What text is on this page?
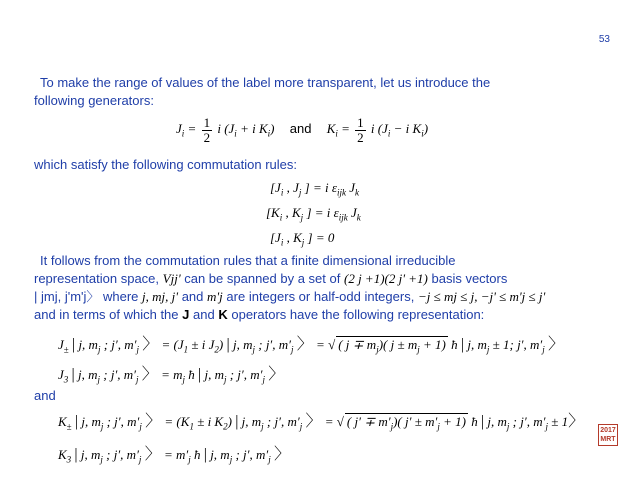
53
To make the range of values of the label more transparent, let us introduce the
following generators:
$J_i = \frac{1}{2}$ i ($J_i + i$ $K_i$) and $K_i = \frac{1}{2}$ i ($J_i - i$ $K_i$)
which satisfy the following commutation rules:
[$J_i$ , $J_j$ ] = i $\varepsilon_{ijk}$ $J_k$
[$K_i$ , $K_j$ ] = i $\varepsilon_{ijk}$ $J_k$
[$J_i$ , $K_j$ ] = 0
It follows from the commutation rules that a finite dimensional irreducible
representation space, Vjj' can be spanned by a set of (2 j +1)(2 j' +1) basis vectors
| jmj, j'm'j〉 where j, mj, j' and m'j are integers or half-odd integers, −j ≤ mj ≤ j, −j' ≤ m'j ≤ j'
and in terms of which the J and K operators have the following representation:
$J_\pm$ | j, $m_j$ ; j′, $m'_j$ 〉 = ($J_1 \pm i$ $J_2$) | j, $m_j$ ; j′, $m'_j$ 〉 = √ ( $j \mp m_j$)( $j \pm m_j + 1$) ħ | j, $m_j \pm 1$; j′, $m'_j$ 〉
$J_3$ | j, $m_j$ ; j′, $m'_j$ 〉 = $m_j$ ħ | j, $m_j$ ; j′, $m'_j$ 〉
and
$K_\pm$ | j, $m_j$ ; j′, $m'_j$ 〉 = ($K_1 \pm i$ $K_2$) | j, $m_j$ ; j′, $m'_j$ 〉 = √ ( $j' \mp m'_j$)( $j' \pm m'_j + 1$) ħ | j, $m_j$ ; j′, $m'_j \pm 1$〉
$K_3$ | j, $m_j$ ; j′, $m'_j$ 〉 = $m'_j$ ħ | j, $m_j$ ; j′, $m'_j$ 〉
2017
MRT
